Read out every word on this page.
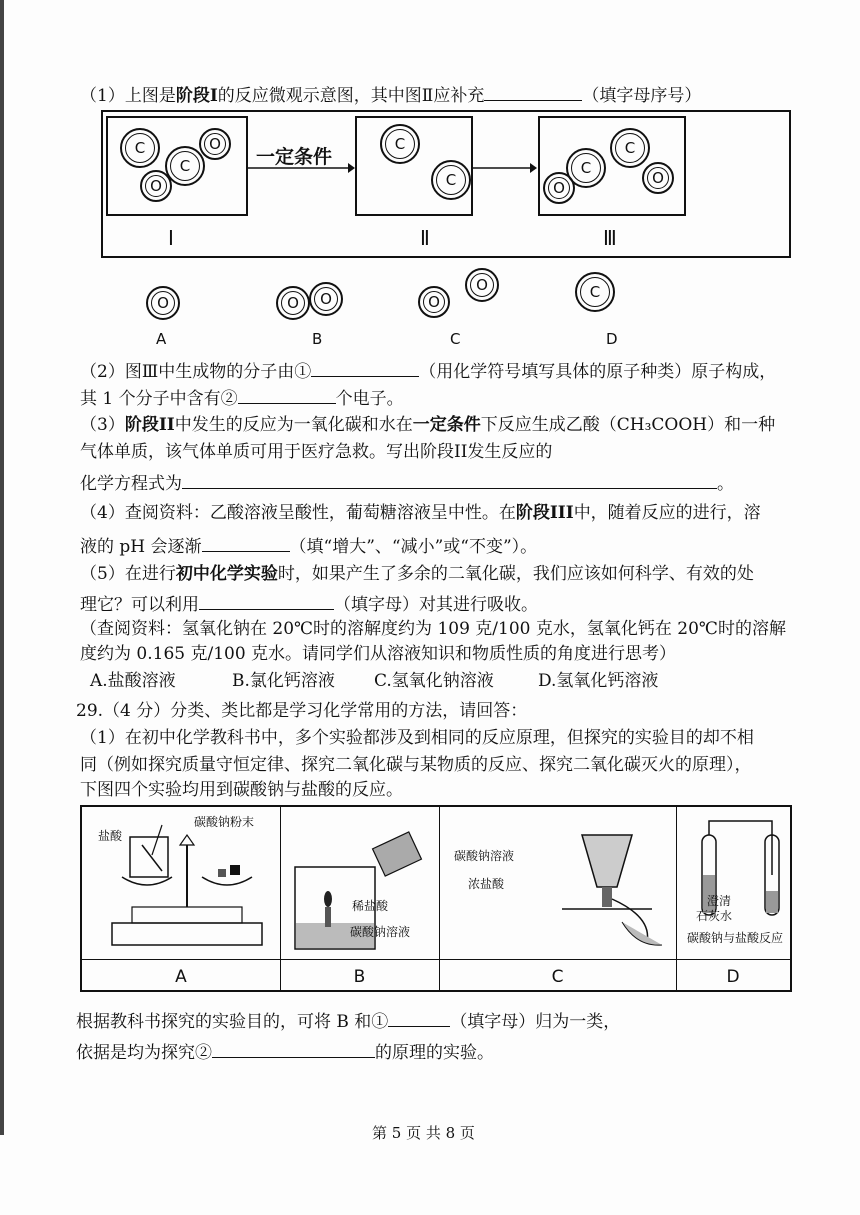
（1）上图是阶段Ⅰ的反应微观示意图，其中图Ⅱ应补充	（填字母序号）
一定条件
C
C
O
O
C
C
C
C
O
O
Ⅰ	Ⅱ	Ⅲ
O	O	O	O
O	C
A	B	C	D
（2）图Ⅲ中生成物的分子由①	（用化学符号填写具体的原子种类）原子构成，
其 1 个分子中含有②	个电子。
（3）阶段II中发生的反应为一氧化碳和水在一定条件下反应生成乙酸（CH₃COOH）和一种
气体单质，该气体单质可用于医疗急救。写出阶段II发生反应的
化学方程式为	。
（4）查阅资料：乙酸溶液呈酸性，葡萄糖溶液呈中性。在阶段III中，随着反应的进行，溶
液的 pH 会逐渐	（填“增大”、“减小”或“不变”）。
（5）在进行初中化学实验时，如果产生了多余的二氧化碳，我们应该如何科学、有效的处
理它？可以利用	（填字母）对其进行吸收。
（查阅资料：氢氧化钠在 20℃时的溶解度约为 109 克/100 克水，氢氧化钙在 20℃时的溶解
度约为 0.165 克/100 克水。请同学们从溶液知识和物质性质的角度进行思考）
A.盐酸溶液	B.氯化钙溶液 C.氢氧化钠溶液	D.氢氧化钙溶液
29.（4 分）分类、类比都是学习化学常用的方法，请回答：
（1）在初中化学教科书中，多个实验都涉及到相同的反应原理，但探究的实验目的却不相
同（例如探究质量守恒定律、探究二氧化碳与某物质的反应、探究二氧化碳灭火的原理），
下图四个实验均用到碳酸钠与盐酸的反应。
盐酸
碳酸钠粉末
稀盐酸
碳酸钠溶液
碳酸钠溶液
浓盐酸
澄清
石灰水
碳酸钠与盐酸反应
A	B	C	D
根据教科书探究的实验目的，可将 B 和①	（填字母）归为一类，
依据是均为探究②	的原理的实验。
第 5 页 共 8 页
